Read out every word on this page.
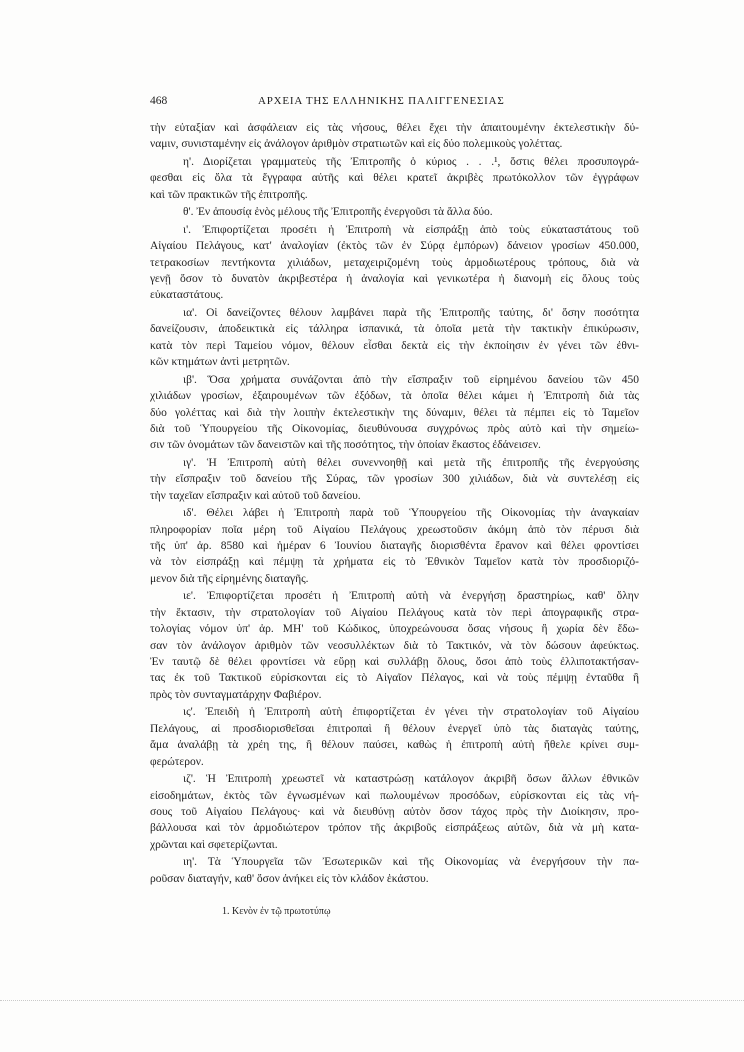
468	ΑΡΧΕΙΑ ΤΗΣ ΕΛΛΗΝΙΚΗΣ ΠΑΛΙΓΓΕΝΕΣΙΑΣ
τὴν εὐταξίαν καὶ ἀσφάλειαν εἰς τὰς νήσους, θέλει ἔχει τὴν ἀπαιτουμένην ἐκτελεστικὴν δύ-
ναμιν, συνισταμένην εἰς ἀνάλογον ἀριθμὸν στρατιωτῶν καὶ εἰς δύο πολεμικοὺς γολέττας.
η'. Διορίζεται γραμματεὺς τῆς Ἐπιτροπῆς ὁ κύριος . . .¹, ὅστις θέλει προσυπογρά-
φεσθαι εἰς ὅλα τὰ ἔγγραφα αὐτῆς καὶ θέλει κρατεῖ ἀκριβὲς πρωτόκολλον τῶν ἐγγράφων
καὶ τῶν πρακτικῶν τῆς ἐπιτροπῆς.
θ'. Ἐν ἀπουσίᾳ ἑνὸς μέλους τῆς Ἐπιτροπῆς ἐνεργοῦσι τὰ ἄλλα δύο.
ι'. Ἐπιφορτίζεται προσέτι ἡ Ἐπιτροπὴ νὰ εἰσπράξῃ ἀπὸ τοὺς εὐκαταστάτους τοῦ
Αἰγαίου Πελάγους, κατ' ἀναλογίαν (ἐκτὸς τῶν ἐν Σύρᾳ ἐμπόρων) δάνειον γροσίων 450.000,
τετρακοσίων πεντήκοντα χιλιάδων, μεταχειριζομένη τοὺς ἁρμοδιωτέρους τρόπους, διὰ νὰ
γενῇ ὅσον τὸ δυνατὸν ἀκριβεστέρα ἡ ἀναλογία καὶ γενικωτέρα ἡ διανομὴ εἰς ὅλους τοὺς
εὐκαταστάτους.
ια'. Οἱ δανείζοντες θέλουν λαμβάνει παρὰ τῆς Ἐπιτροπῆς ταύτης, δι' ὅσην ποσότητα
δανείζουσιν, ἀποδεικτικὰ εἰς τάλληρα ἰσπανικά, τὰ ὁποῖα μετὰ τὴν τακτικὴν ἐπικύρωσιν,
κατὰ τὸν περὶ Ταμείου νόμον, θέλουν εἶσθαι δεκτὰ εἰς τὴν ἐκποίησιν ἐν γένει τῶν ἐθνι-
κῶν κτημάτων ἀντὶ μετρητῶν.
ιβ'. Ὅσα χρήματα συνάζονται ἀπὸ τὴν εἴσπραξιν τοῦ εἰρημένου δανείου τῶν 450
χιλιάδων γροσίων, ἐξαιρουμένων τῶν ἐξόδων, τὰ ὁποῖα θέλει κάμει ἡ Ἐπιτροπὴ διὰ τὰς
δύο γολέττας καὶ διὰ τὴν λοιπὴν ἐκτελεστικὴν της δύναμιν, θέλει τὰ πέμπει εἰς τὸ Ταμεῖον
διὰ τοῦ Ὑπουργείου τῆς Οἰκονομίας, διευθύνουσα συγχρόνως πρὸς αὐτὸ καὶ τὴν σημείω-
σιν τῶν ὀνομάτων τῶν δανειστῶν καὶ τῆς ποσότητος, τὴν ὁποίαν ἕκαστος ἐδάνεισεν.
ιγ'. Ἡ Ἐπιτροπὴ αὐτὴ θέλει συνεννοηθῇ καὶ μετὰ τῆς ἐπιτροπῆς τῆς ἐνεργούσης
τὴν εἴσπραξιν τοῦ δανείου τῆς Σύρας, τῶν γροσίων 300 χιλιάδων, διὰ νὰ συντελέσῃ εἰς
τὴν ταχεῖαν εἴσπραξιν καὶ αὐτοῦ τοῦ δανείου.
ιδ'. Θέλει λάβει ἡ Ἐπιτροπὴ παρὰ τοῦ Ὑπουργείου τῆς Οἰκονομίας τὴν ἀναγκαίαν
πληροφορίαν ποῖα μέρη τοῦ Αἰγαίου Πελάγους χρεωστοῦσιν ἀκόμη ἀπὸ τὸν πέρυσι διὰ
τῆς ὑπ' ἀρ. 8580 καὶ ἡμέραν 6 Ἰουνίου διαταγῆς διορισθέντα ἔρανον καὶ θέλει φροντίσει
νὰ τὸν εἰσπράξῃ καὶ πέμψῃ τὰ χρήματα εἰς τὸ Ἐθνικὸν Ταμεῖον κατὰ τὸν προσδιοριζό-
μενον διὰ τῆς εἰρημένης διαταγῆς.
ιε'. Ἐπιφορτίζεται προσέτι ἡ Ἐπιτροπὴ αὐτὴ νὰ ἐνεργήσῃ δραστηρίως, καθ' ὅλην
τὴν ἔκτασιν, τὴν στρατολογίαν τοῦ Αἰγαίου Πελάγους κατὰ τὸν περὶ ἀπογραφικῆς στρα-
τολογίας νόμον ὑπ' ἀρ. ΜΗ' τοῦ Κώδικος, ὑποχρεώνουσα ὅσας νήσους ἢ χωρία δὲν ἔδω-
σαν τὸν ἀνάλογον ἀριθμὸν τῶν νεοσυλλέκτων διὰ τὸ Τακτικόν, νὰ τὸν δώσουν ἀφεύκτως.
Ἐν ταυτῷ δὲ θέλει φροντίσει νὰ εὕρῃ καὶ συλλάβῃ ὅλους, ὅσοι ἀπὸ τοὺς ἐλλιποτακτήσαν-
τας ἐκ τοῦ Τακτικοῦ εὑρίσκονται εἰς τὸ Αἰγαῖον Πέλαγος, καὶ νὰ τοὺς πέμψῃ ἐνταῦθα ἢ
πρὸς τὸν συνταγματάρχην Φαβιέρον.
ις'. Ἐπειδὴ ἡ Ἐπιτροπὴ αὐτὴ ἐπιφορτίζεται ἐν γένει τὴν στρατολογίαν τοῦ Αἰγαίου
Πελάγους, αἱ προσδιορισθεῖσαι ἐπιτροπαὶ ἢ θέλουν ἐνεργεῖ ὑπὸ τὰς διαταγὰς ταύτης,
ἅμα ἀναλάβῃ τὰ χρέη της, ἢ θέλουν παύσει, καθὼς ἡ ἐπιτροπὴ αὐτὴ ἤθελε κρίνει συμ-
φερώτερον.
ιζ'. Ἡ Ἐπιτροπὴ χρεωστεῖ νὰ καταστρώσῃ κατάλογον ἀκριβῆ ὅσων ἄλλων ἐθνικῶν
εἰσοδημάτων, ἐκτὸς τῶν ἐγνωσμένων καὶ πωλουμένων προσόδων, εὑρίσκονται εἰς τὰς νή-
σους τοῦ Αἰγαίου Πελάγους· καὶ νὰ διευθύνῃ αὐτὸν ὅσον τάχος πρὸς τὴν Διοίκησιν, προ-
βάλλουσα καὶ τὸν ἁρμοδιώτερον τρόπον τῆς ἀκριβοῦς εἰσπράξεως αὐτῶν, διὰ νὰ μὴ κατα-
χρῶνται καὶ σφετερίζωνται.
ιη'. Τὰ Ὑπουργεῖα τῶν Ἐσωτερικῶν καὶ τῆς Οἰκονομίας νὰ ἐνεργήσουν τὴν πα-
ροῦσαν διαταγήν, καθ' ὅσον ἀνήκει εἰς τὸν κλάδον ἑκάστου.
1. Κενὸν ἐν τῷ πρωτοτύπῳ
